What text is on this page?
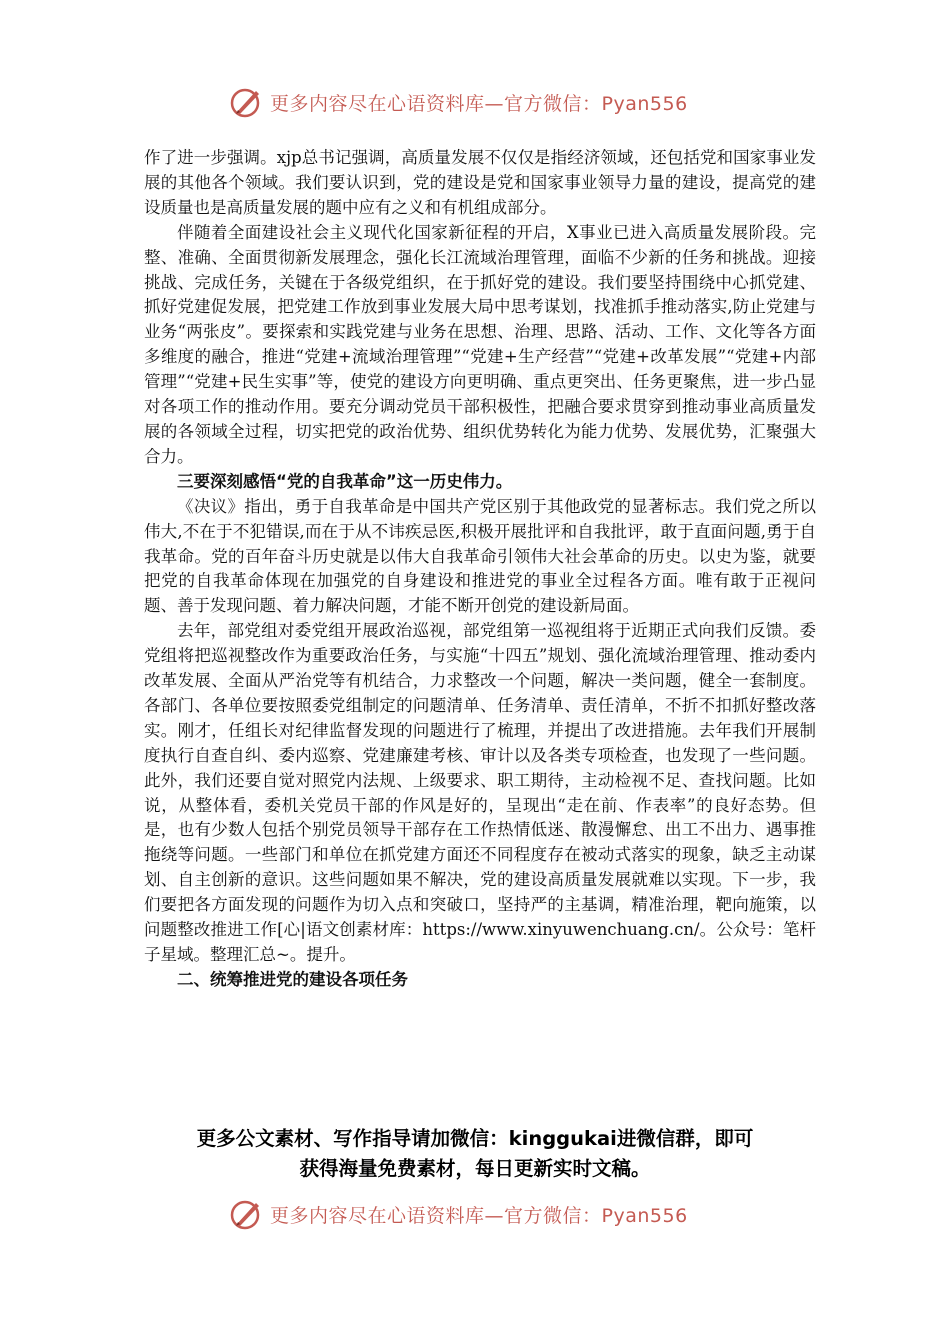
更多内容尽在心语资料库—官方微信：Pyan556

作了进一步强调。xjp总书记强调，高质量发展不仅仅是指经济领域，还包括党和国家事业发展的其他各个领域。我们要认识到，党的建设是党和国家事业领导力量的建设，提高党的建设质量也是高质量发展的题中应有之义和有机组成部分。

伴随着全面建设社会主义现代化国家新征程的开启，X事业已进入高质量发展阶段。完整、准确、全面贯彻新发展理念，强化长江流域治理管理，面临不少新的任务和挑战。迎接挑战、完成任务，关键在于各级党组织，在于抓好党的建设。我们要坚持围绕中心抓党建、抓好党建促发展，把党建工作放到事业发展大局中思考谋划，找准抓手推动落实,防止党建与业务“两张皮”。要探索和实践党建与业务在思想、治理、思路、活动、工作、文化等各方面多维度的融合，推进“党建+流域治理管理”“党建+生产经营”“党建+改革发展”“党建+内部管理”“党建+民生实事”等，使党的建设方向更明确、重点更突出、任务更聚焦，进一步凸显对各项工作的推动作用。要充分调动党员干部积极性，把融合要求贯穿到推动事业高质量发展的各领域全过程，切实把党的政治优势、组织优势转化为能力优势、发展优势，汇聚强大合力。

三要深刻感悟“党的自我革命”这一历史伟力。

《决议》指出，勇于自我革命是中国共产党区别于其他政党的显著标志。我们党之所以伟大,不在于不犯错误,而在于从不讳疾忌医,积极开展批评和自我批评，敢于直面问题,勇于自我革命。党的百年奋斗历史就是以伟大自我革命引领伟大社会革命的历史。以史为鉴，就要把党的自我革命体现在加强党的自身建设和推进党的事业全过程各方面。唯有敢于正视问题、善于发现问题、着力解决问题，才能不断开创党的建设新局面。

去年，部党组对委党组开展政治巡视，部党组第一巡视组将于近期正式向我们反馈。委党组将把巡视整改作为重要政治任务，与实施“十四五”规划、强化流域治理管理、推动委内改革发展、全面从严治党等有机结合，力求整改一个问题，解决一类问题，健全一套制度。各部门、各单位要按照委党组制定的问题清单、任务清单、责任清单，不折不扣抓好整改落实。刚才，任组长对纪律监督发现的问题进行了梳理，并提出了改进措施。去年我们开展制度执行自查自纠、委内巡察、党建廉建考核、审计以及各类专项检查，也发现了一些问题。此外，我们还要自觉对照党内法规、上级要求、职工期待，主动检视不足、查找问题。比如说，从整体看，委机关党员干部的作风是好的，呈现出“走在前、作表率”的良好态势。但是，也有少数人包括个别党员领导干部存在工作热情低迷、散漫懈怠、出工不出力、遇事推拖绕等问题。一些部门和单位在抓党建方面还不同程度存在被动式落实的现象，缺乏主动谋划、自主创新的意识。这些问题如果不解决，党的建设高质量发展就难以实现。下一步，我们要把各方面发现的问题作为切入点和突破口，坚持严的主基调，精准治理，靶向施策，以问题整改推进工作[心|语文创素材库：https://www.xinyuwenchuang.cn/。公众号：笔杆子星域。整理汇总~。提升。

二、统筹推进党的建设各项任务

更多公文素材、写作指导请加微信：kinggukai进微信群，即可
获得海量免费素材，每日更新实时文稿。
更多内容尽在心语资料库—官方微信：Pyan556
